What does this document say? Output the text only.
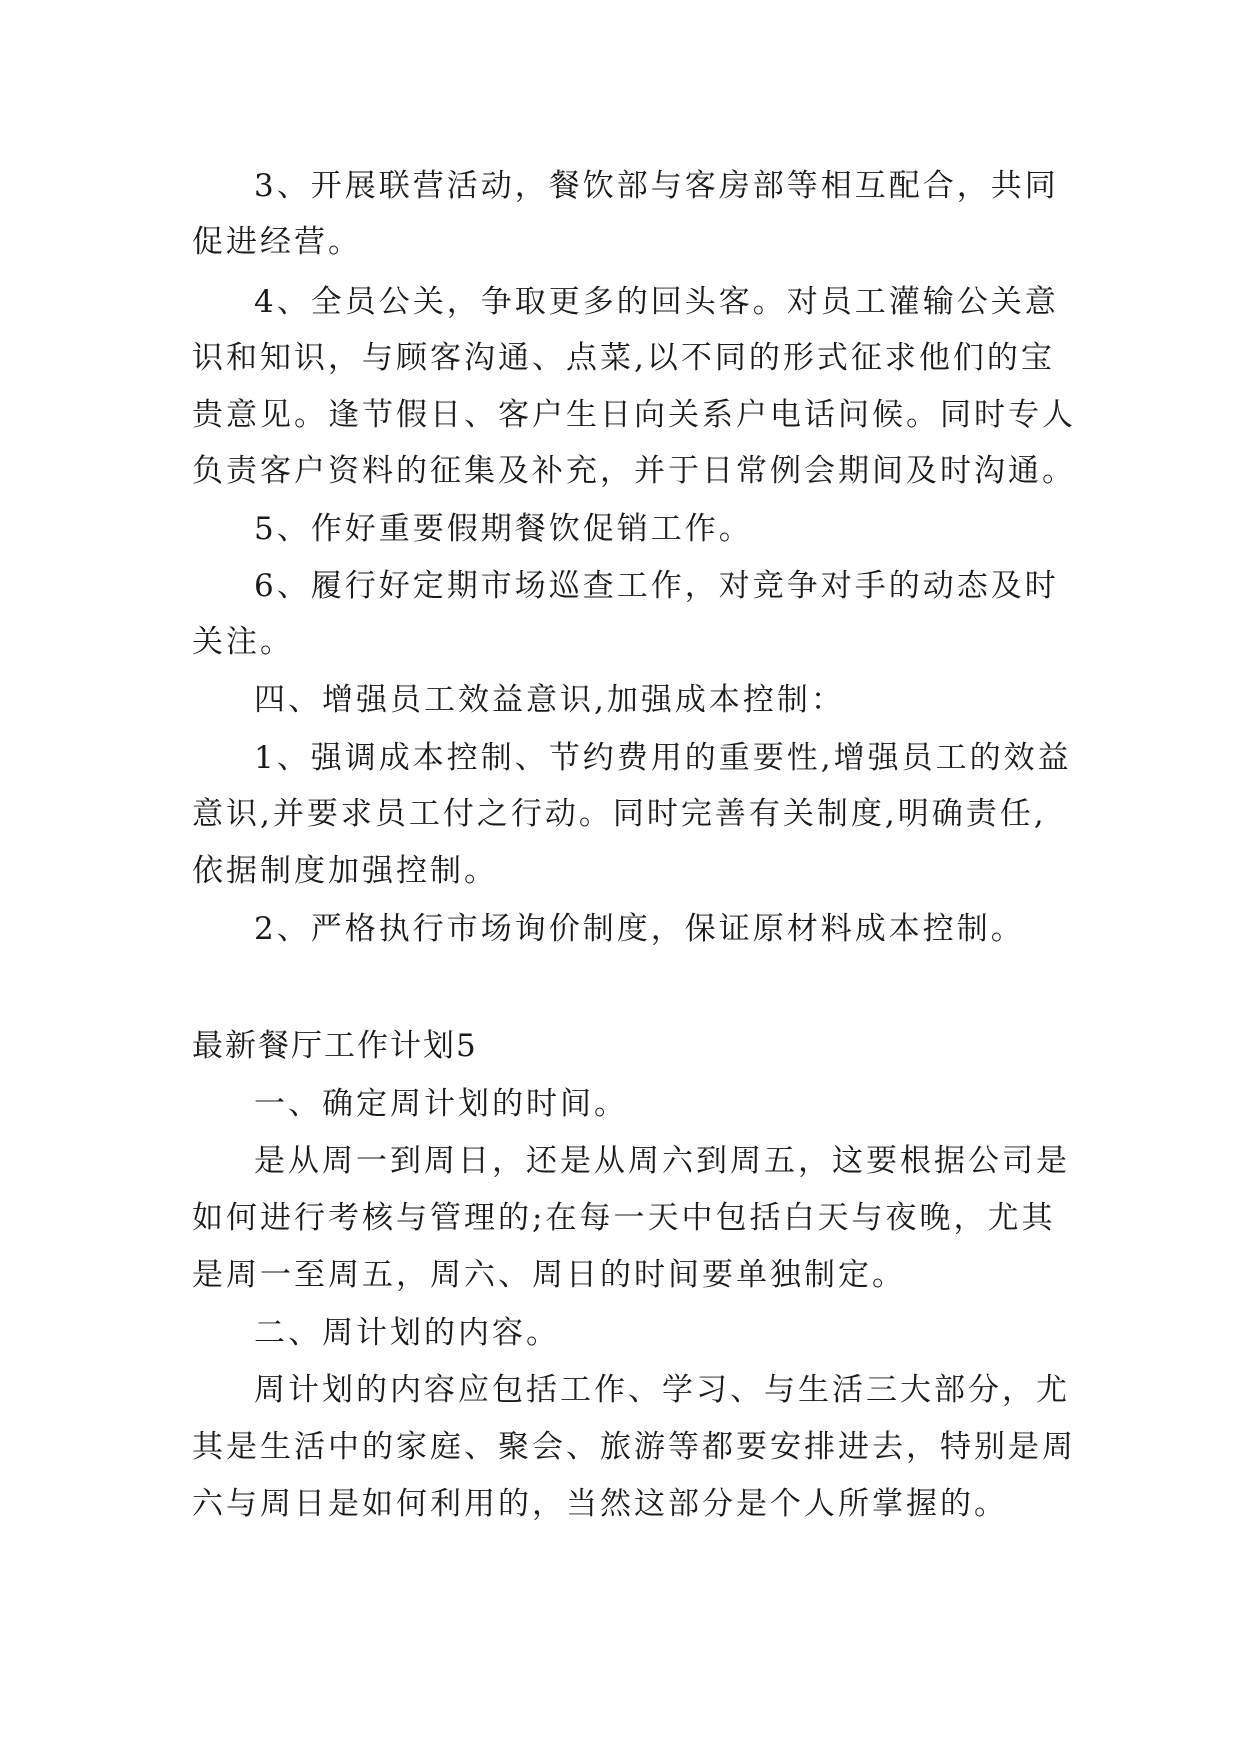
3、开展联营活动，餐饮部与客房部等相互配合，共同
促进经营。
4、全员公关，争取更多的回头客。对员工灌输公关意
识和知识，与顾客沟通、点菜,以不同的形式征求他们的宝
贵意见。逢节假日、客户生日向关系户电话问候。同时专人
负责客户资料的征集及补充，并于日常例会期间及时沟通。
5、作好重要假期餐饮促销工作。
6、履行好定期市场巡查工作，对竞争对手的动态及时
关注。
四、增强员工效益意识,加强成本控制：
1、强调成本控制、节约费用的重要性,增强员工的效益
意识,并要求员工付之行动。同时完善有关制度,明确责任,
依据制度加强控制。
2、严格执行市场询价制度，保证原材料成本控制。
最新餐厅工作计划5
一、确定周计划的时间。
是从周一到周日，还是从周六到周五，这要根据公司是
如何进行考核与管理的;在每一天中包括白天与夜晚，尤其
是周一至周五，周六、周日的时间要单独制定。
二、周计划的内容。
周计划的内容应包括工作、学习、与生活三大部分，尤
其是生活中的家庭、聚会、旅游等都要安排进去，特别是周
六与周日是如何利用的，当然这部分是个人所掌握的。
